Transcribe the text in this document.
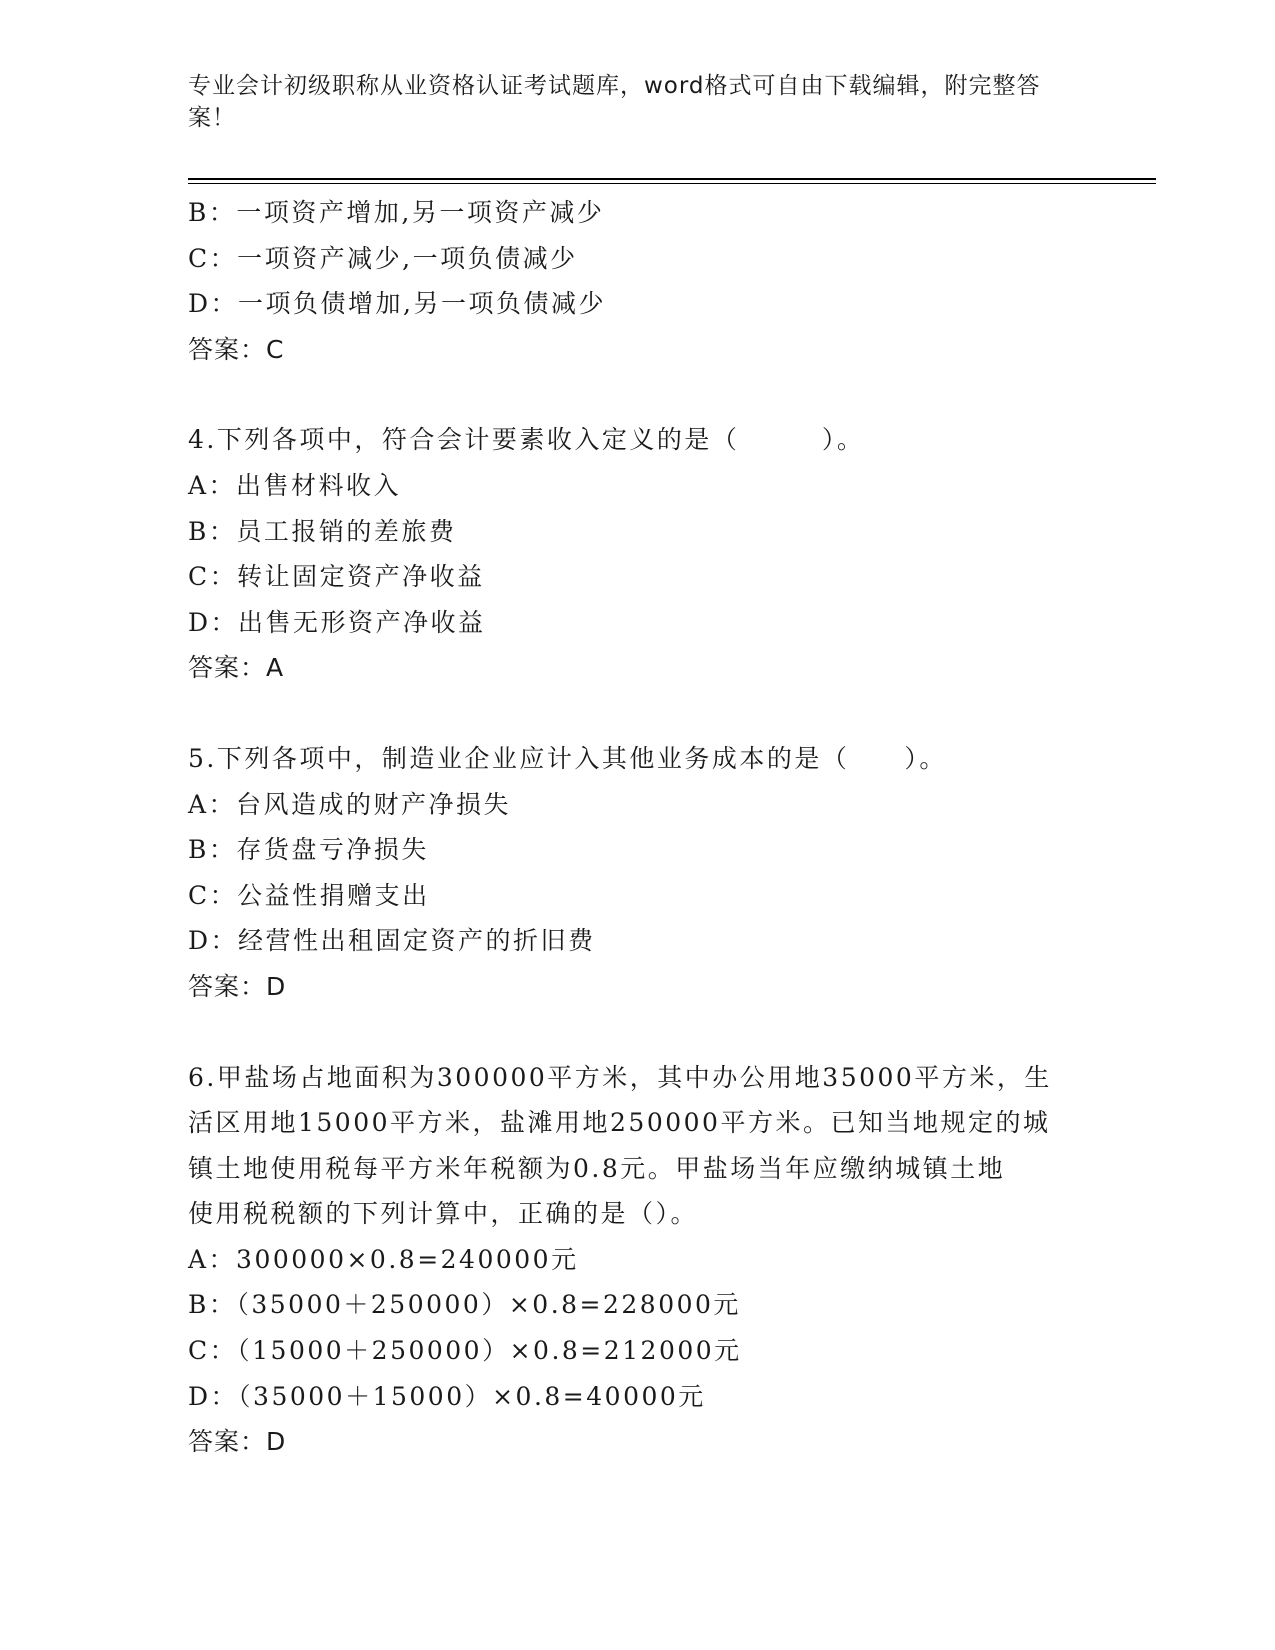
专业会计初级职称从业资格认证考试题库，word格式可自由下载编辑，附完整答案！
B：一项资产增加,另一项资产减少
C：一项资产减少,一项负债减少
D：一项负债增加,另一项负债减少
答案：C
4.下列各项中，符合会计要素收入定义的是（　　　）。
A：出售材料收入
B：员工报销的差旅费
C：转让固定资产净收益
D：出售无形资产净收益
答案：A
5.下列各项中，制造业企业应计入其他业务成本的是（　　）。
A：台风造成的财产净损失
B：存货盘亏净损失
C：公益性捐赠支出
D：经营性出租固定资产的折旧费
答案：D
6.甲盐场占地面积为300000平方米，其中办公用地35000平方米，生
活区用地15000平方米，盐滩用地250000平方米。已知当地规定的城
镇土地使用税每平方米年税额为0.8元。甲盐场当年应缴纳城镇土地
使用税税额的下列计算中，正确的是（）。
A：300000×0.8=240000元
B：（35000＋250000）×0.8=228000元
C：（15000＋250000）×0.8=212000元
D：（35000＋15000）×0.8=40000元
答案：D
